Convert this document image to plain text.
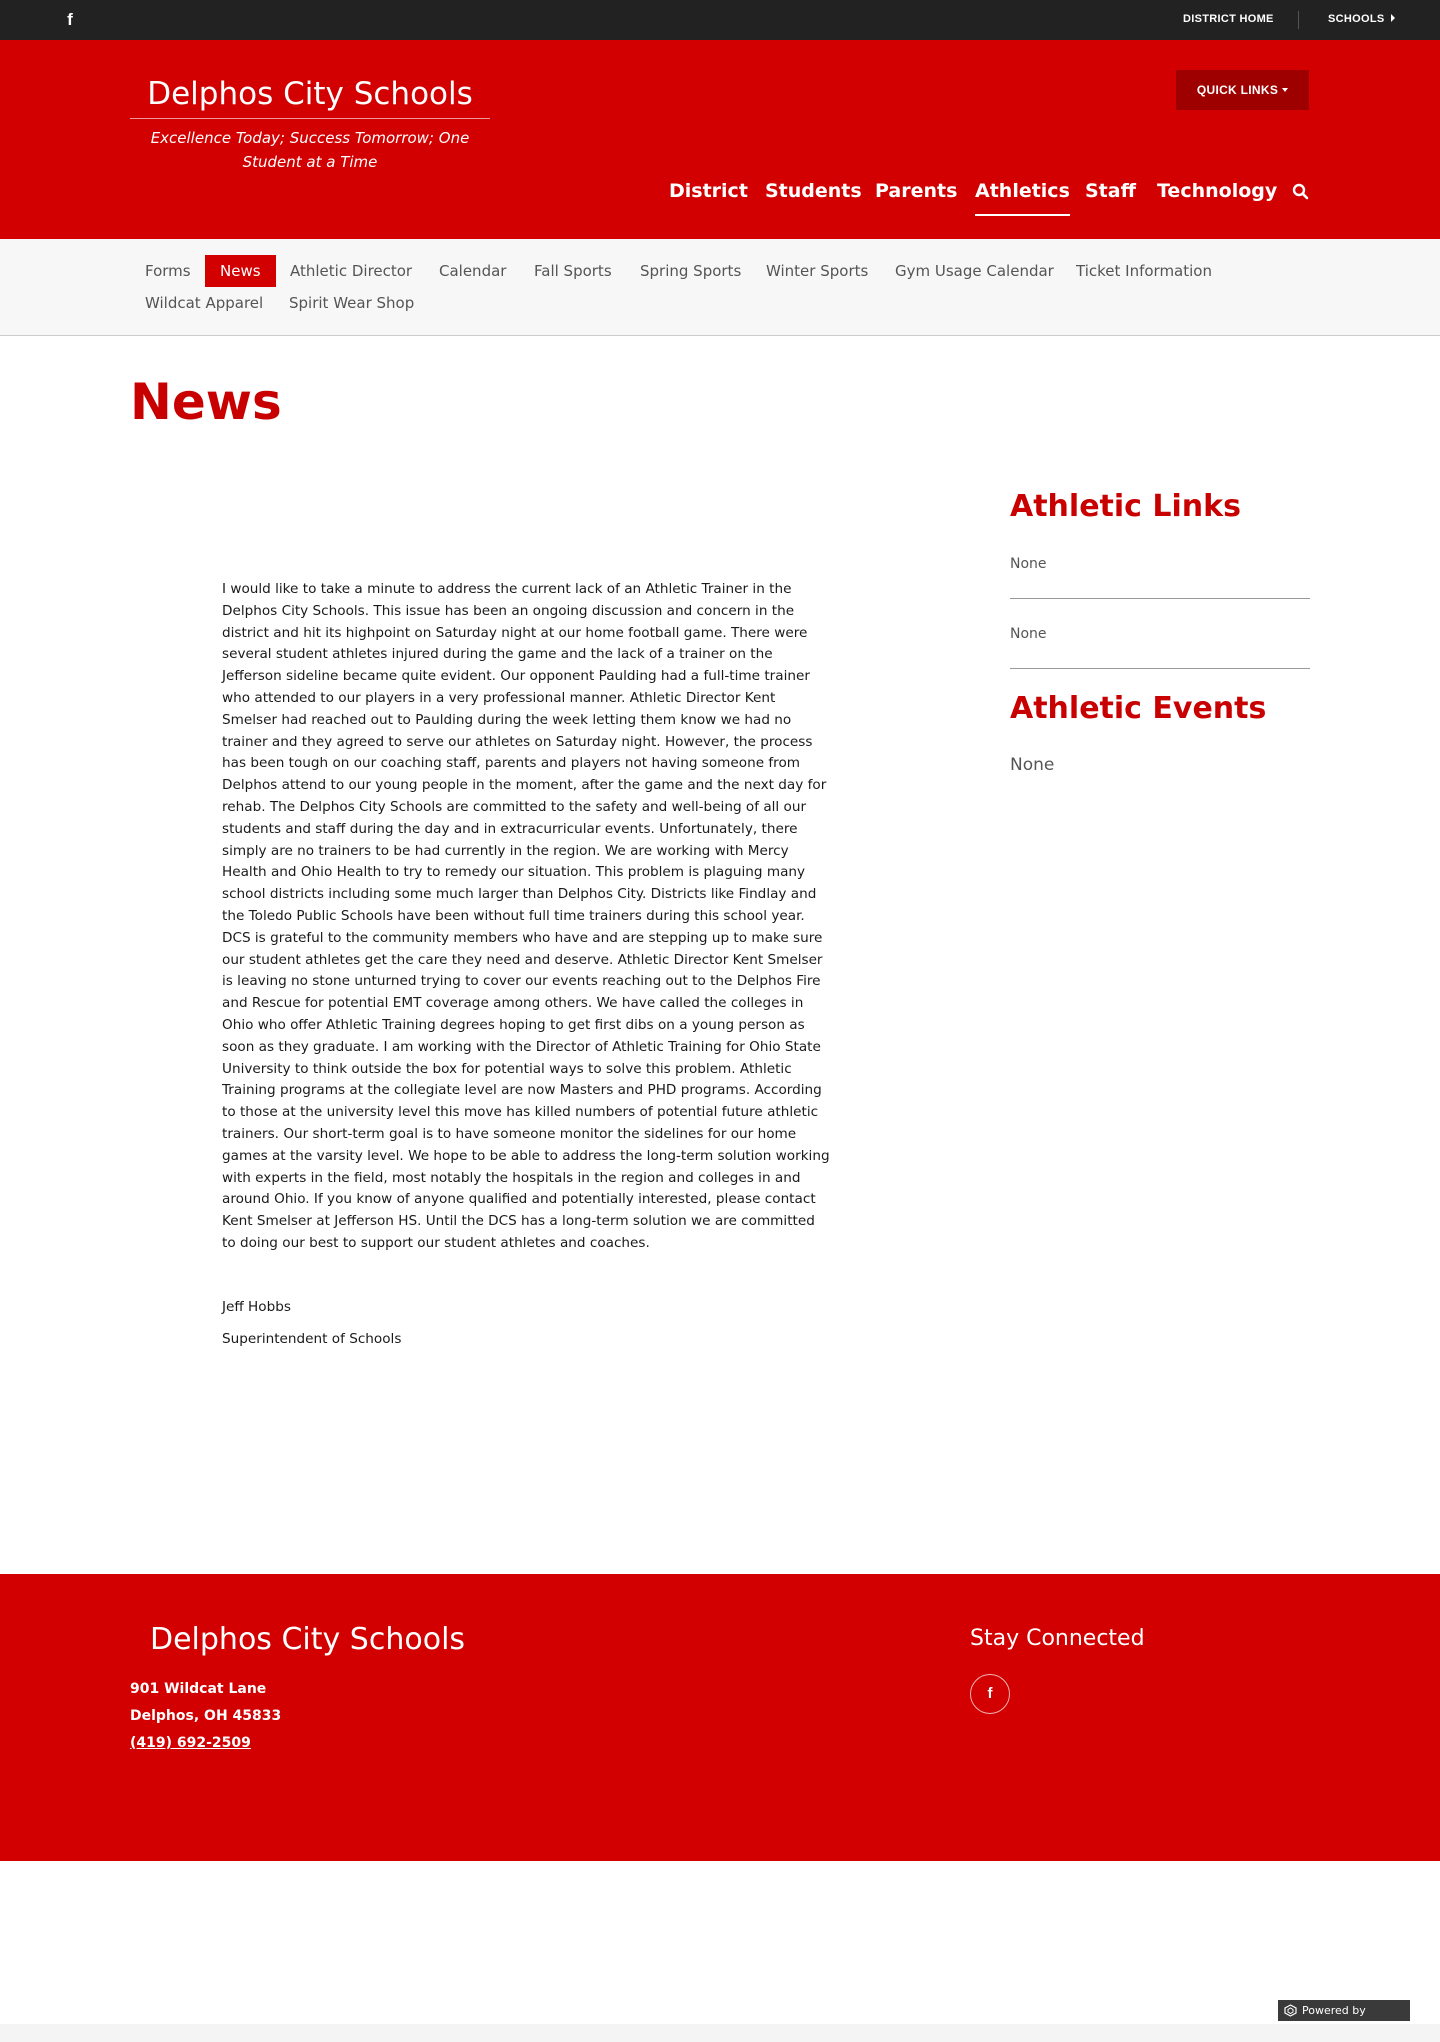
f	DISTRICT HOME	SCHOOLS
Delphos City Schools
Excellence Today; Success Tomorrow; One Student at a Time
QUICK LINKS
District Students Parents Athletics Staff Technology
Forms	News	Athletic Director	Calendar	Fall Sports	Spring Sports	Winter Sports	Gym Usage Calendar	Ticket Information
Wildcat Apparel	Spirit Wear Shop
News
I would like to take a minute to address the current lack of an Athletic Trainer in the Delphos City Schools. This issue has been an ongoing discussion and concern in the district and hit its highpoint on Saturday night at our home football game. There were several student athletes injured during the game and the lack of a trainer on the Jefferson sideline became quite evident. Our opponent Paulding had a full-time trainer who attended to our players in a very professional manner. Athletic Director Kent Smelser had reached out to Paulding during the week letting them know we had no trainer and they agreed to serve our athletes on Saturday night. However, the process has been tough on our coaching staff, parents and players not having someone from Delphos attend to our young people in the moment, after the game and the next day for rehab. The Delphos City Schools are committed to the safety and well-being of all our students and staff during the day and in extracurricular events. Unfortunately, there simply are no trainers to be had currently in the region. We are working with Mercy Health and Ohio Health to try to remedy our situation. This problem is plaguing many school districts including some much larger than Delphos City. Districts like Findlay and the Toledo Public Schools have been without full time trainers during this school year. DCS is grateful to the community members who have and are stepping up to make sure our student athletes get the care they need and deserve. Athletic Director Kent Smelser is leaving no stone unturned trying to cover our events reaching out to the Delphos Fire and Rescue for potential EMT coverage among others. We have called the colleges in Ohio who offer Athletic Training degrees hoping to get first dibs on a young person as soon as they graduate. I am working with the Director of Athletic Training for Ohio State University to think outside the box for potential ways to solve this problem. Athletic Training programs at the collegiate level are now Masters and PHD programs. According to those at the university level this move has killed numbers of potential future athletic trainers. Our short-term goal is to have someone monitor the sidelines for our home games at the varsity level. We hope to be able to address the long-term solution working with experts in the field, most notably the hospitals in the region and colleges in and around Ohio. If you know of anyone qualified and potentially interested, please contact Kent Smelser at Jefferson HS. Until the DCS has a long-term solution we are committed to doing our best to support our student athletes and coaches.
Jeff Hobbs
Superintendent of Schools
Athletic Links
None
None
Athletic Events
None
Delphos City Schools
901 Wildcat Lane
Delphos, OH 45833
(419) 692-2509
Stay Connected
f
Powered by
